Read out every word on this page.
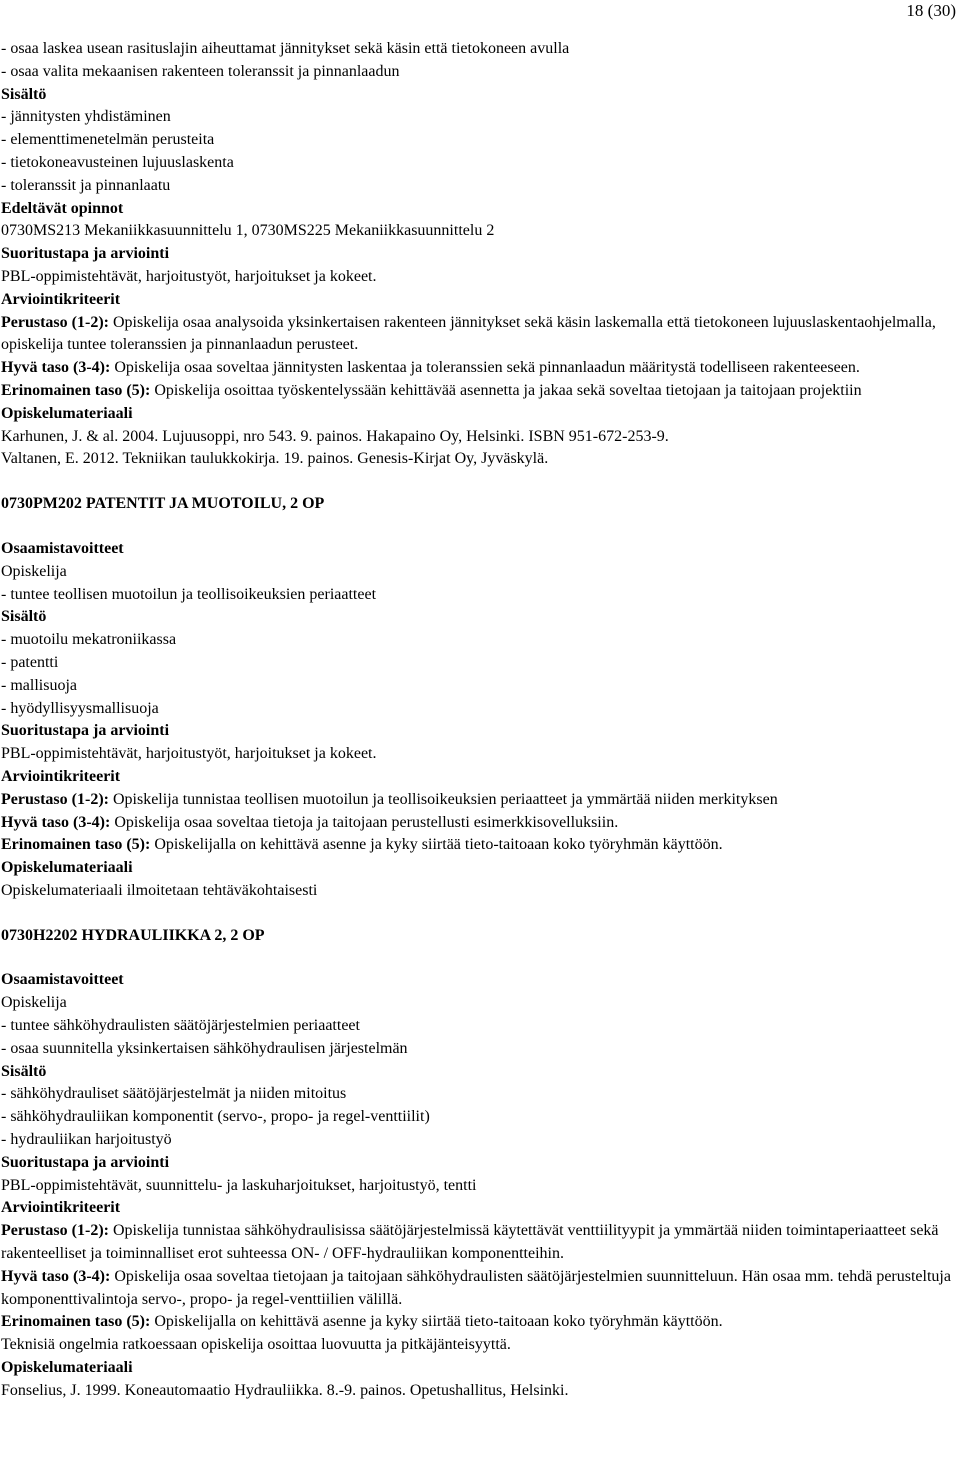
18 (30)
- osaa laskea usean rasituslajin aiheuttamat jännitykset sekä käsin että tietokoneen avulla
- osaa valita mekaanisen rakenteen toleranssit ja pinnanlaadun
Sisältö
- jännitysten yhdistäminen
- elementtimenetelmän perusteita
- tietokoneavusteinen lujuuslaskenta
- toleranssit ja pinnanlaatu
Edeltävät opinnot
0730MS213 Mekaniikkasuunnittelu 1, 0730MS225 Mekaniikkasuunnittelu 2
Suoritustapa ja arviointi
PBL-oppimistehtävät, harjoitustyöt, harjoitukset ja kokeet.
Arviointikriteerit
Perustaso (1-2): Opiskelija osaa analysoida yksinkertaisen rakenteen jännitykset sekä käsin laskemalla että tietokoneen lujuuslaskentaohjelmalla, opiskelija tuntee toleranssien ja pinnanlaadun perusteet.
Hyvä taso (3-4): Opiskelija osaa soveltaa jännitysten laskentaa ja toleranssien sekä pinnanlaadun määritystä todelliseen rakenteeseen.
Erinomainen taso (5): Opiskelija osoittaa työskentelyssään kehittävää asennetta ja jakaa sekä soveltaa tietojaan ja taitojaan projektiin
Opiskelumateriaali
Karhunen, J. & al. 2004. Lujuusoppi, nro 543. 9. painos. Hakapaino Oy, Helsinki. ISBN 951-672-253-9.
Valtanen, E. 2012. Tekniikan taulukkokirja. 19. painos. Genesis-Kirjat Oy, Jyväskylä.
0730PM202 PATENTIT JA MUOTOILU, 2 OP
Osaamistavoitteet
Opiskelija
- tuntee teollisen muotoilun ja teollisoikeuksien periaatteet
Sisältö
- muotoilu mekatroniikassa
- patentti
- mallisuoja
- hyödyllisyysmallisuoja
Suoritustapa ja arviointi
PBL-oppimistehtävät, harjoitustyöt, harjoitukset ja kokeet.
Arviointikriteerit
Perustaso (1-2): Opiskelija tunnistaa teollisen muotoilun ja teollisoikeuksien periaatteet ja ymmärtää niiden merkityksen
Hyvä taso (3-4): Opiskelija osaa soveltaa tietoja ja taitojaan perustellusti esimerkkisovelluksiin.
Erinomainen taso (5): Opiskelijalla on kehittävä asenne ja kyky siirtää tieto-taitoaan koko työryhmän käyttöön.
Opiskelumateriaali
Opiskelumateriaali ilmoitetaan tehtäväkohtaisesti
0730H2202 HYDRAULIIKKA 2, 2 OP
Osaamistavoitteet
Opiskelija
- tuntee sähköhydraulisten säätöjärjestelmien periaatteet
- osaa suunnitella yksinkertaisen sähköhydraulisen järjestelmän
Sisältö
- sähköhydrauliset säätöjärjestelmät ja niiden mitoitus
- sähköhydrauliikan komponentit (servo-, propo- ja regel-venttiilit)
- hydrauliikan harjoitustyö
Suoritustapa ja arviointi
PBL-oppimistehtävät, suunnittelu- ja laskuharjoitukset, harjoitustyö, tentti
Arviointikriteerit
Perustaso (1-2): Opiskelija tunnistaa sähköhydraulisissa säätöjärjestelmissä käytettävät venttiilityypit ja ymmärtää niiden toimintaperiaatteet sekä rakenteelliset ja toiminnalliset erot suhteessa ON- / OFF-hydrauliikan komponentteihin.
Hyvä taso (3-4): Opiskelija osaa soveltaa tietojaan ja taitojaan sähköhydraulisten säätöjärjestelmien suunnitteluun. Hän osaa mm. tehdä perusteltuja komponenttivalintoja servo-, propo- ja regel-venttiilien välillä.
Erinomainen taso (5): Opiskelijalla on kehittävä asenne ja kyky siirtää tieto-taitoaan koko työryhmän käyttöön.
Teknisiä ongelmia ratkoessaan opiskelija osoittaa luovuutta ja pitkäjänteisyyttä.
Opiskelumateriaali
Fonselius, J. 1999. Koneautomaatio Hydrauliikka. 8.-9. painos. Opetushallitus, Helsinki.
